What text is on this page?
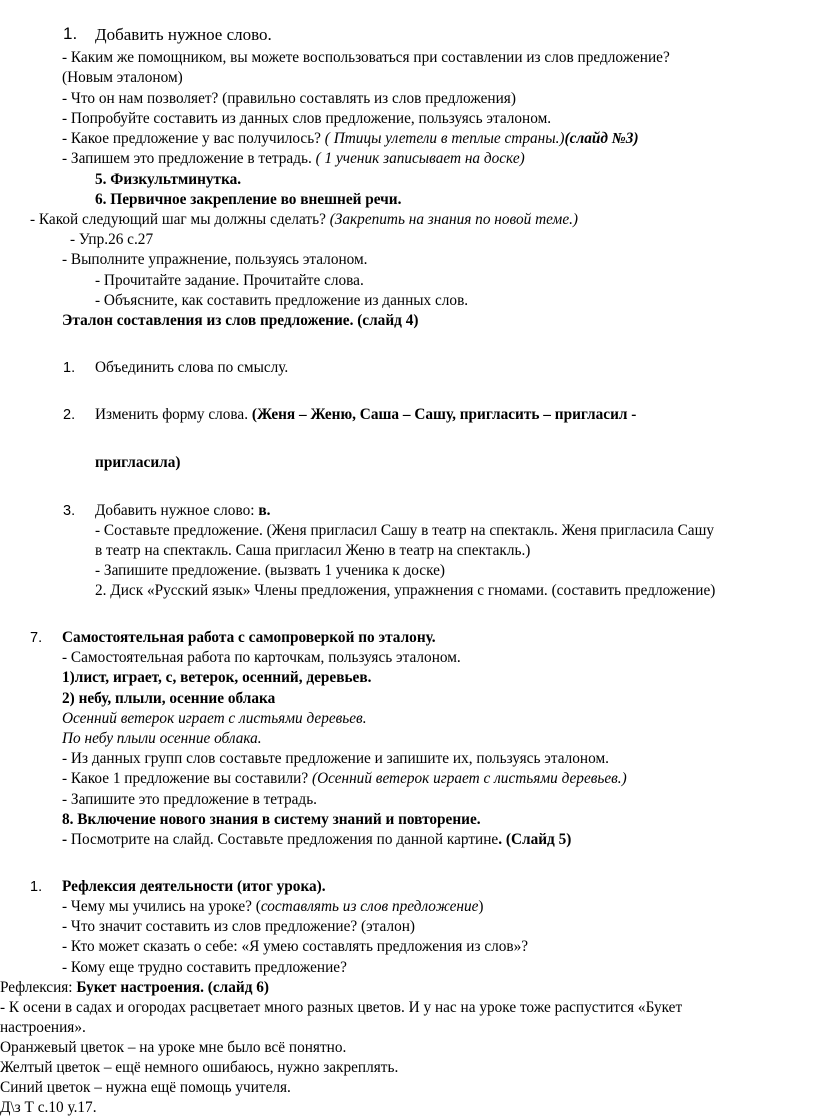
1. Добавить нужное слово.
- Каким же помощником, вы можете воспользоваться при составлении из слов предложение?
(Новым эталоном)
- Что он нам позволяет? (правильно составлять из слов предложения)
- Попробуйте составить из данных слов предложение, пользуясь эталоном.
- Какое предложение у вас получилось? ( Птицы улетели в теплые страны.)(слайд №3)
- Запишем это предложение в тетрадь. ( 1 ученик записывает на доске)
5. Физкультминутка.
6. Первичное закрепление во внешней речи.
- Какой следующий шаг мы должны сделать? (Закрепить на знания по новой теме.)
- Упр.26 с.27
- Выполните упражнение, пользуясь эталоном.
- Прочитайте задание. Прочитайте слова.
- Объясните, как составить предложение из данных слов.
Эталон составления из слов предложение. (слайд 4)
1. Объединить слова по смыслу.
2. Изменить форму слова. (Женя – Женю, Саша – Сашу, пригласить – пригласил -
пригласила)
3. Добавить нужное слово: в.
- Составьте предложение. (Женя пригласил Сашу в театр на спектакль. Женя пригласила Сашу
в театр на спектакль. Саша пригласил Женю в театр на спектакль.)
- Запишите предложение. (вызвать 1 ученика к доске)
2. Диск «Русский язык» Члены предложения, упражнения с гномами. (составить предложение)
7. Самостоятельная работа с самопроверкой по эталону.
- Самостоятельная работа по карточкам, пользуясь эталоном.
1)лист, играет, с, ветерок, осенний, деревьев.
2) небу, плыли, осенние облака
Осенний ветерок играет с листьями деревьев.
По небу плыли осенние облака.
- Из данных групп слов составьте предложение и запишите их, пользуясь эталоном.
- Какое 1 предложение вы составили? (Осенний ветерок играет с листьями деревьев.)
- Запишите это предложение в тетрадь.
8. Включение нового знания в систему знаний и повторение.
- Посмотрите на слайд. Составьте предложения по данной картине. (Слайд 5)
1. Рефлексия деятельности (итог урока).
- Чему мы учились на уроке? (составлять из слов предложение)
- Что значит составить из слов предложение? (эталон)
- Кто может сказать о себе: «Я умею составлять предложения из слов»?
- Кому еще трудно составить предложение?
Рефлексия: Букет настроения. (слайд 6)
- К осени в садах и огородах расцветает много разных цветов. И у нас на уроке тоже распустится «Букет
настроения».
Оранжевый цветок – на уроке мне было всё понятно.
Желтый цветок – ещё немного ошибаюсь, нужно закреплять.
Синий цветок – нужна ещё помощь учителя.
Д\з Т с.10 у.17.
